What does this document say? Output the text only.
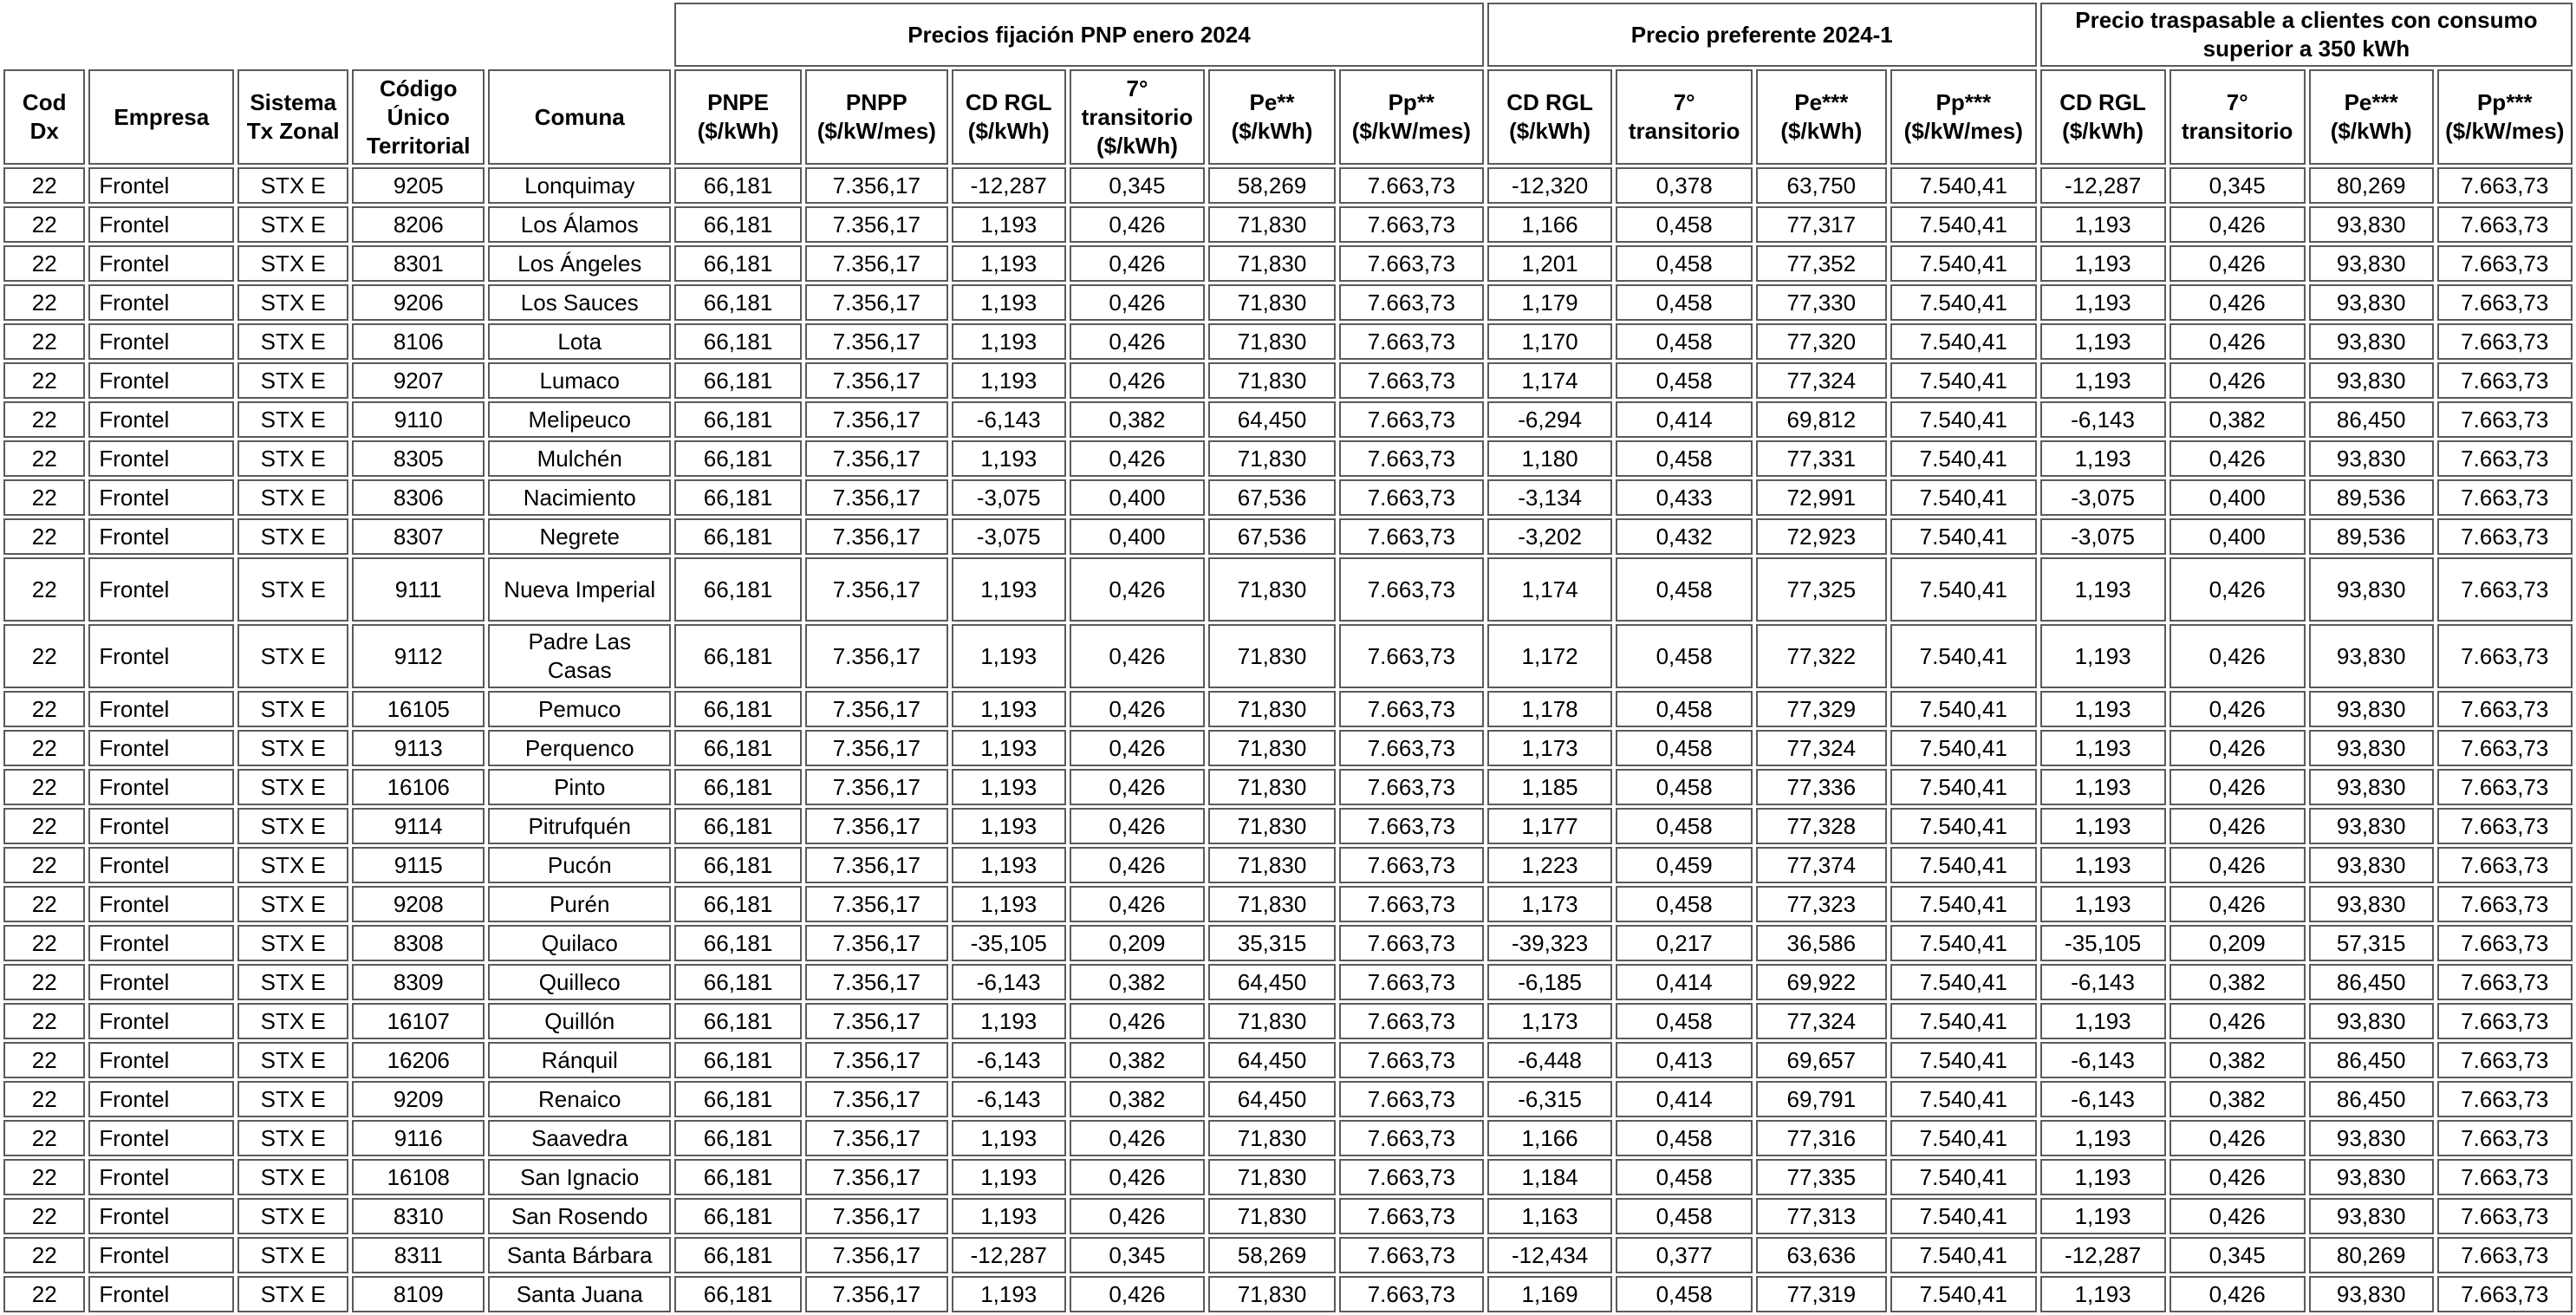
					Precios fijación PNP enero 2024						Precio preferente 2024-1				Precio traspasable a clientes con consumo superior a 350 kWh			
Cod Dx	Empresa	Sistema Tx Zonal	Código Único Territorial	Comuna	PNPE ($/kWh)	PNPP ($/kW/mes)	CD RGL ($/kWh)	7° transitorio ($/kWh)	Pe** ($/kWh)	Pp** ($/kW/mes)	CD RGL ($/kWh)	7° transitorio	Pe*** ($/kWh)	Pp*** ($/kW/mes)	CD RGL ($/kWh)	7° transitorio	Pe*** ($/kWh)	Pp*** ($/kW/mes)
22	Frontel	STX E	9205	Lonquimay	66,181	7.356,17	-12,287	0,345	58,269	7.663,73	-12,320	0,378	63,750	7.540,41	-12,287	0,345	80,269	7.663,73
22	Frontel	STX E	8206	Los Álamos	66,181	7.356,17	1,193	0,426	71,830	7.663,73	1,166	0,458	77,317	7.540,41	1,193	0,426	93,830	7.663,73
22	Frontel	STX E	8301	Los Ángeles	66,181	7.356,17	1,193	0,426	71,830	7.663,73	1,201	0,458	77,352	7.540,41	1,193	0,426	93,830	7.663,73
22	Frontel	STX E	9206	Los Sauces	66,181	7.356,17	1,193	0,426	71,830	7.663,73	1,179	0,458	77,330	7.540,41	1,193	0,426	93,830	7.663,73
22	Frontel	STX E	8106	Lota	66,181	7.356,17	1,193	0,426	71,830	7.663,73	1,170	0,458	77,320	7.540,41	1,193	0,426	93,830	7.663,73
22	Frontel	STX E	9207	Lumaco	66,181	7.356,17	1,193	0,426	71,830	7.663,73	1,174	0,458	77,324	7.540,41	1,193	0,426	93,830	7.663,73
22	Frontel	STX E	9110	Melipeuco	66,181	7.356,17	-6,143	0,382	64,450	7.663,73	-6,294	0,414	69,812	7.540,41	-6,143	0,382	86,450	7.663,73
22	Frontel	STX E	8305	Mulchén	66,181	7.356,17	1,193	0,426	71,830	7.663,73	1,180	0,458	77,331	7.540,41	1,193	0,426	93,830	7.663,73
22	Frontel	STX E	8306	Nacimiento	66,181	7.356,17	-3,075	0,400	67,536	7.663,73	-3,134	0,433	72,991	7.540,41	-3,075	0,400	89,536	7.663,73
22	Frontel	STX E	8307	Negrete	66,181	7.356,17	-3,075	0,400	67,536	7.663,73	-3,202	0,432	72,923	7.540,41	-3,075	0,400	89,536	7.663,73
22	Frontel	STX E	9111	Nueva Imperial	66,181	7.356,17	1,193	0,426	71,830	7.663,73	1,174	0,458	77,325	7.540,41	1,193	0,426	93,830	7.663,73
22	Frontel	STX E	9112	Padre Las Casas	66,181	7.356,17	1,193	0,426	71,830	7.663,73	1,172	0,458	77,322	7.540,41	1,193	0,426	93,830	7.663,73
22	Frontel	STX E	16105	Pemuco	66,181	7.356,17	1,193	0,426	71,830	7.663,73	1,178	0,458	77,329	7.540,41	1,193	0,426	93,830	7.663,73
22	Frontel	STX E	9113	Perquenco	66,181	7.356,17	1,193	0,426	71,830	7.663,73	1,173	0,458	77,324	7.540,41	1,193	0,426	93,830	7.663,73
22	Frontel	STX E	16106	Pinto	66,181	7.356,17	1,193	0,426	71,830	7.663,73	1,185	0,458	77,336	7.540,41	1,193	0,426	93,830	7.663,73
22	Frontel	STX E	9114	Pitrufquén	66,181	7.356,17	1,193	0,426	71,830	7.663,73	1,177	0,458	77,328	7.540,41	1,193	0,426	93,830	7.663,73
22	Frontel	STX E	9115	Pucón	66,181	7.356,17	1,193	0,426	71,830	7.663,73	1,223	0,459	77,374	7.540,41	1,193	0,426	93,830	7.663,73
22	Frontel	STX E	9208	Purén	66,181	7.356,17	1,193	0,426	71,830	7.663,73	1,173	0,458	77,323	7.540,41	1,193	0,426	93,830	7.663,73
22	Frontel	STX E	8308	Quilaco	66,181	7.356,17	-35,105	0,209	35,315	7.663,73	-39,323	0,217	36,586	7.540,41	-35,105	0,209	57,315	7.663,73
22	Frontel	STX E	8309	Quilleco	66,181	7.356,17	-6,143	0,382	64,450	7.663,73	-6,185	0,414	69,922	7.540,41	-6,143	0,382	86,450	7.663,73
22	Frontel	STX E	16107	Quillón	66,181	7.356,17	1,193	0,426	71,830	7.663,73	1,173	0,458	77,324	7.540,41	1,193	0,426	93,830	7.663,73
22	Frontel	STX E	16206	Ránquil	66,181	7.356,17	-6,143	0,382	64,450	7.663,73	-6,448	0,413	69,657	7.540,41	-6,143	0,382	86,450	7.663,73
22	Frontel	STX E	9209	Renaico	66,181	7.356,17	-6,143	0,382	64,450	7.663,73	-6,315	0,414	69,791	7.540,41	-6,143	0,382	86,450	7.663,73
22	Frontel	STX E	9116	Saavedra	66,181	7.356,17	1,193	0,426	71,830	7.663,73	1,166	0,458	77,316	7.540,41	1,193	0,426	93,830	7.663,73
22	Frontel	STX E	16108	San Ignacio	66,181	7.356,17	1,193	0,426	71,830	7.663,73	1,184	0,458	77,335	7.540,41	1,193	0,426	93,830	7.663,73
22	Frontel	STX E	8310	San Rosendo	66,181	7.356,17	1,193	0,426	71,830	7.663,73	1,163	0,458	77,313	7.540,41	1,193	0,426	93,830	7.663,73
22	Frontel	STX E	8311	Santa Bárbara	66,181	7.356,17	-12,287	0,345	58,269	7.663,73	-12,434	0,377	63,636	7.540,41	-12,287	0,345	80,269	7.663,73
22	Frontel	STX E	8109	Santa Juana	66,181	7.356,17	1,193	0,426	71,830	7.663,73	1,169	0,458	77,319	7.540,41	1,193	0,426	93,830	7.663,73
